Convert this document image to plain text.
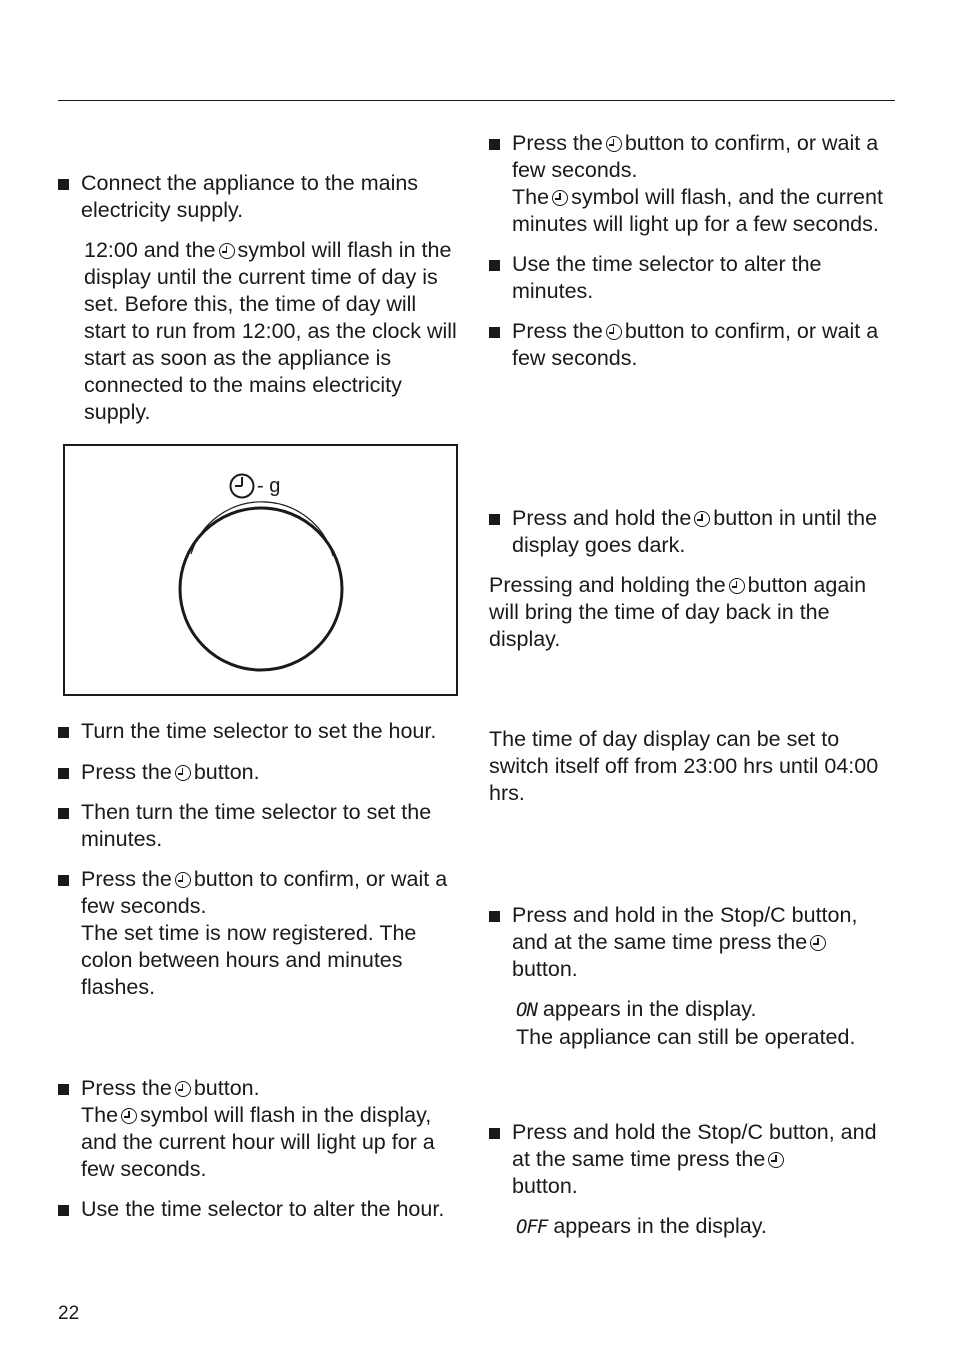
Connect the appliance to the mains electricity supply.
12:00 and the symbol will flash in the display until the current time of day is set. Before this, the time of day will start to run from 12:00, as the clock will start as soon as the appliance is connected to the mains electricity supply.
- g
Turn the time selector to set the hour.
Press the button.
Then turn the time selector to set the minutes.
Press the button to confirm, or wait a few seconds.
The set time is now registered. The colon between hours and minutes flashes.
Press the button.
The symbol will flash in the display, and the current hour will light up for a few seconds.
Use the time selector to alter the hour.
Press the button to confirm, or wait a few seconds.
The symbol will flash, and the current minutes will light up for a few seconds.
Use the time selector to alter the minutes.
Press the button to confirm, or wait a few seconds.
Press and hold the button in until the display goes dark.
Pressing and holding the button again will bring the time of day back in the display.
The time of day display can be set to switch itself off from 23:00 hrs until 04:00 hrs.
Press and hold in the Stop/C button, and at the same time press the
button.
ON appears in the display.
The appliance can still be operated.
Press and hold the Stop/C button, and at the same time press the
button.
OFF appears in the display.
22
